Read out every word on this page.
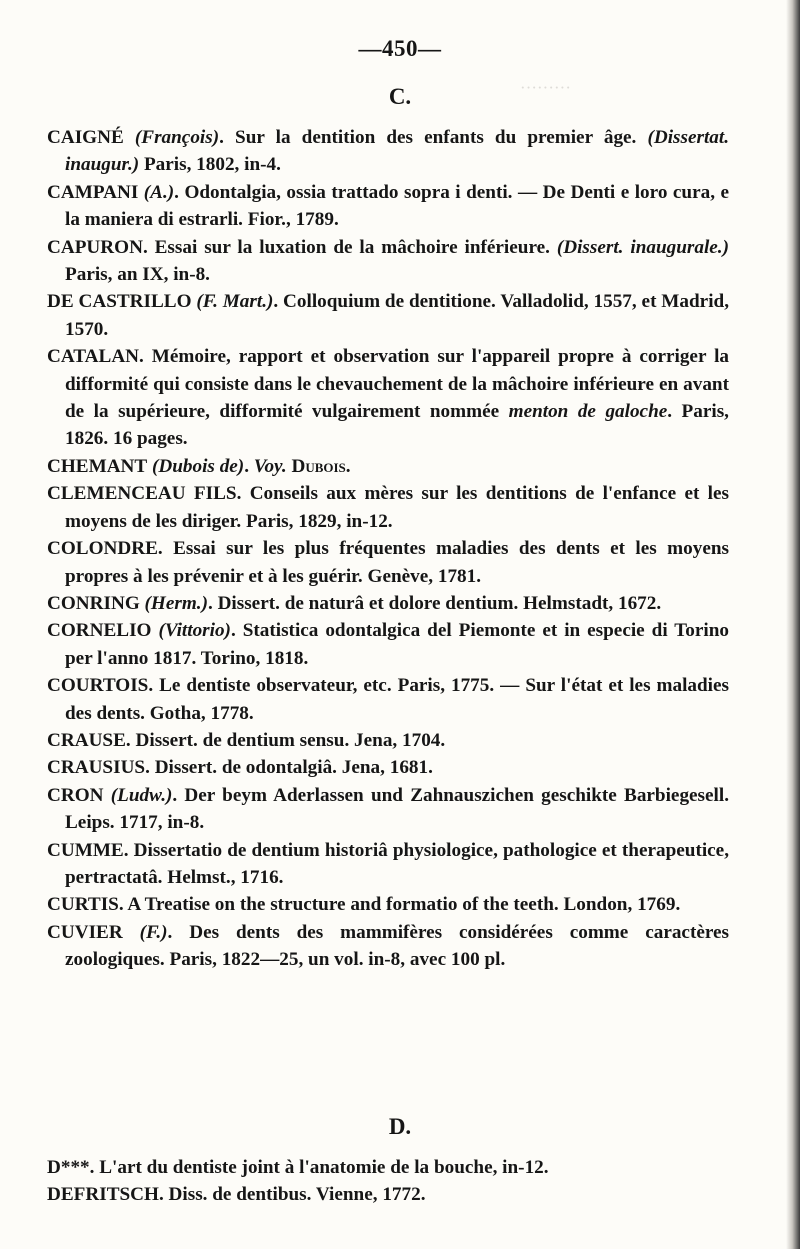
·········
—450—
C.
CAIGNÉ (François). Sur la dentition des enfants du premier âge. (Dissertat. inaugur.) Paris, 1802, in-4.
CAMPANI (A.). Odontalgia, ossia trattado sopra i denti. — De Denti e loro cura, e la maniera di estrarli. Fior., 1789.
CAPURON. Essai sur la luxation de la mâchoire inférieure. (Dissert. inaugurale.) Paris, an IX, in-8.
DE CASTRILLO (F. Mart.). Colloquium de dentitione. Valladolid, 1557, et Madrid, 1570.
CATALAN. Mémoire, rapport et observation sur l'appareil propre à corriger la difformité qui consiste dans le chevauchement de la mâchoire inférieure en avant de la supérieure, difformité vulgairement nommée menton de galoche. Paris, 1826. 16 pages.
CHEMANT (Dubois de). Voy. Dubois.
CLEMENCEAU FILS. Conseils aux mères sur les dentitions de l'enfance et les moyens de les diriger. Paris, 1829, in-12.
COLONDRE. Essai sur les plus fréquentes maladies des dents et les moyens propres à les prévenir et à les guérir. Genève, 1781.
CONRING (Herm.). Dissert. de naturâ et dolore dentium. Helmstadt, 1672.
CORNELIO (Vittorio). Statistica odontalgica del Piemonte et in especie di Torino per l'anno 1817. Torino, 1818.
COURTOIS. Le dentiste observateur, etc. Paris, 1775. — Sur l'état et les maladies des dents. Gotha, 1778.
CRAUSE. Dissert. de dentium sensu. Jena, 1704.
CRAUSIUS. Dissert. de odontalgiâ. Jena, 1681.
CRON (Ludw.). Der beym Aderlassen und Zahnauszichen geschikte Barbiegesell. Leips. 1717, in-8.
CUMME. Dissertatio de dentium historiâ physiologice, pathologice et therapeutice, pertractatâ. Helmst., 1716.
CURTIS. A Treatise on the structure and formatio of the teeth. London, 1769.
CUVIER (F.). Des dents des mammifères considérées comme caractères zoologiques. Paris, 1822—25, un vol. in-8, avec 100 pl.
D.
D***. L'art du dentiste joint à l'anatomie de la bouche, in-12.
DEFRITSCH. Diss. de dentibus. Vienne, 1772.
